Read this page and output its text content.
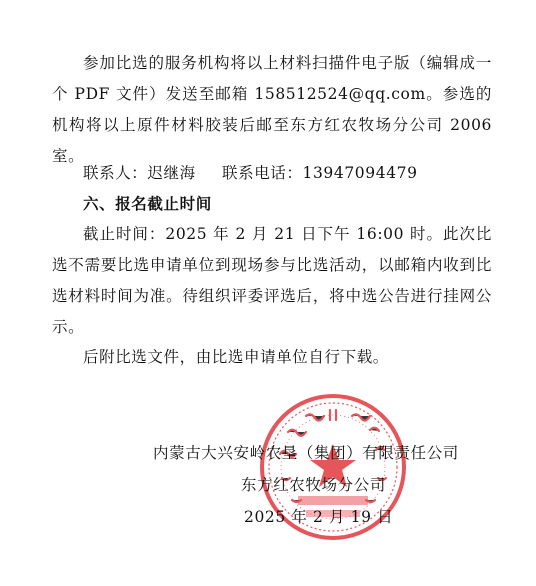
参加比选的服务机构将以上材料扫描件电子版（编辑成一个 PDF 文件）发送至邮箱 158512524@qq.com。参选的机构将以上原件材料胶装后邮至东方红农牧场分公司 2006 室。

联系人：迟继海 联系电话：13947094479
六、报名截止时间

截止时间：2025 年 2 月 21 日下午 16:00 时。此次比选不需要比选申请单位到现场参与比选活动，以邮箱内收到比选材料时间为准。待组织评委评选后，将中选公告进行挂网公示。

后附比选文件，由比选申请单位自行下载。

内蒙古大兴安岭农垦（集团）有限责任公司
东方红农牧场分公司
2025 年 2 月 19 日
